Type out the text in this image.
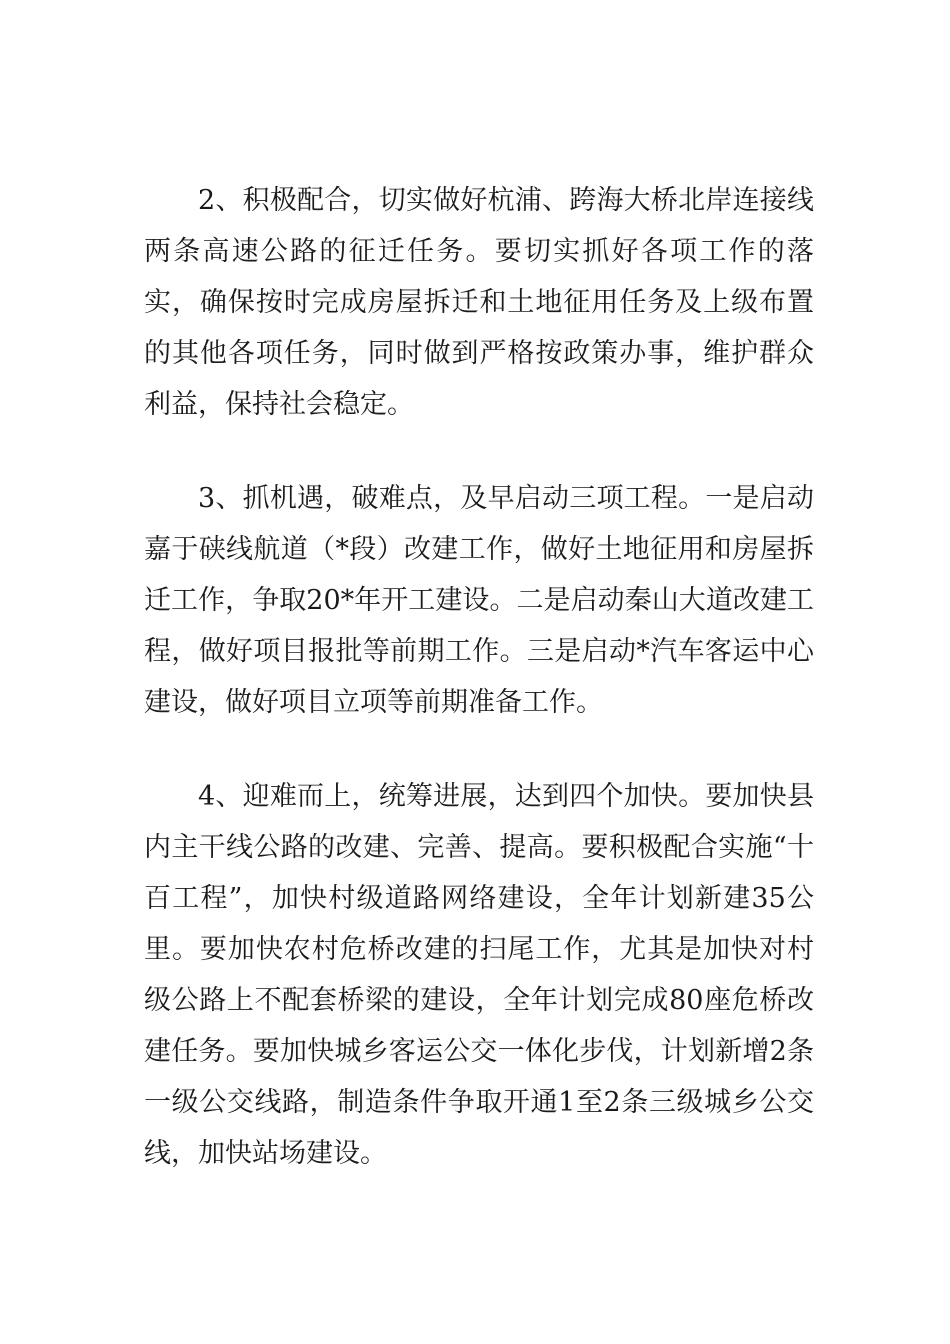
2、积极配合，切实做好杭浦、跨海大桥北岸连接线两条高速公路的征迁任务。要切实抓好各项工作的落实，确保按时完成房屋拆迁和土地征用任务及上级布置的其他各项任务，同时做到严格按政策办事，维护群众利益，保持社会稳定。

3、抓机遇，破难点，及早启动三项工程。一是启动嘉于硖线航道（*段）改建工作，做好土地征用和房屋拆迁工作，争取20*年开工建设。二是启动秦山大道改建工程，做好项目报批等前期工作。三是启动*汽车客运中心建设，做好项目立项等前期准备工作。

4、迎难而上，统筹进展，达到四个加快。要加快县内主干线公路的改建、完善、提高。要积极配合实施“十百工程”，加快村级道路网络建设，全年计划新建35公里。要加快农村危桥改建的扫尾工作，尤其是加快对村级公路上不配套桥梁的建设，全年计划完成80座危桥改建任务。要加快城乡客运公交一体化步伐，计划新增2条一级公交线路，制造条件争取开通1至2条三级城乡公交线，加快站场建设。
